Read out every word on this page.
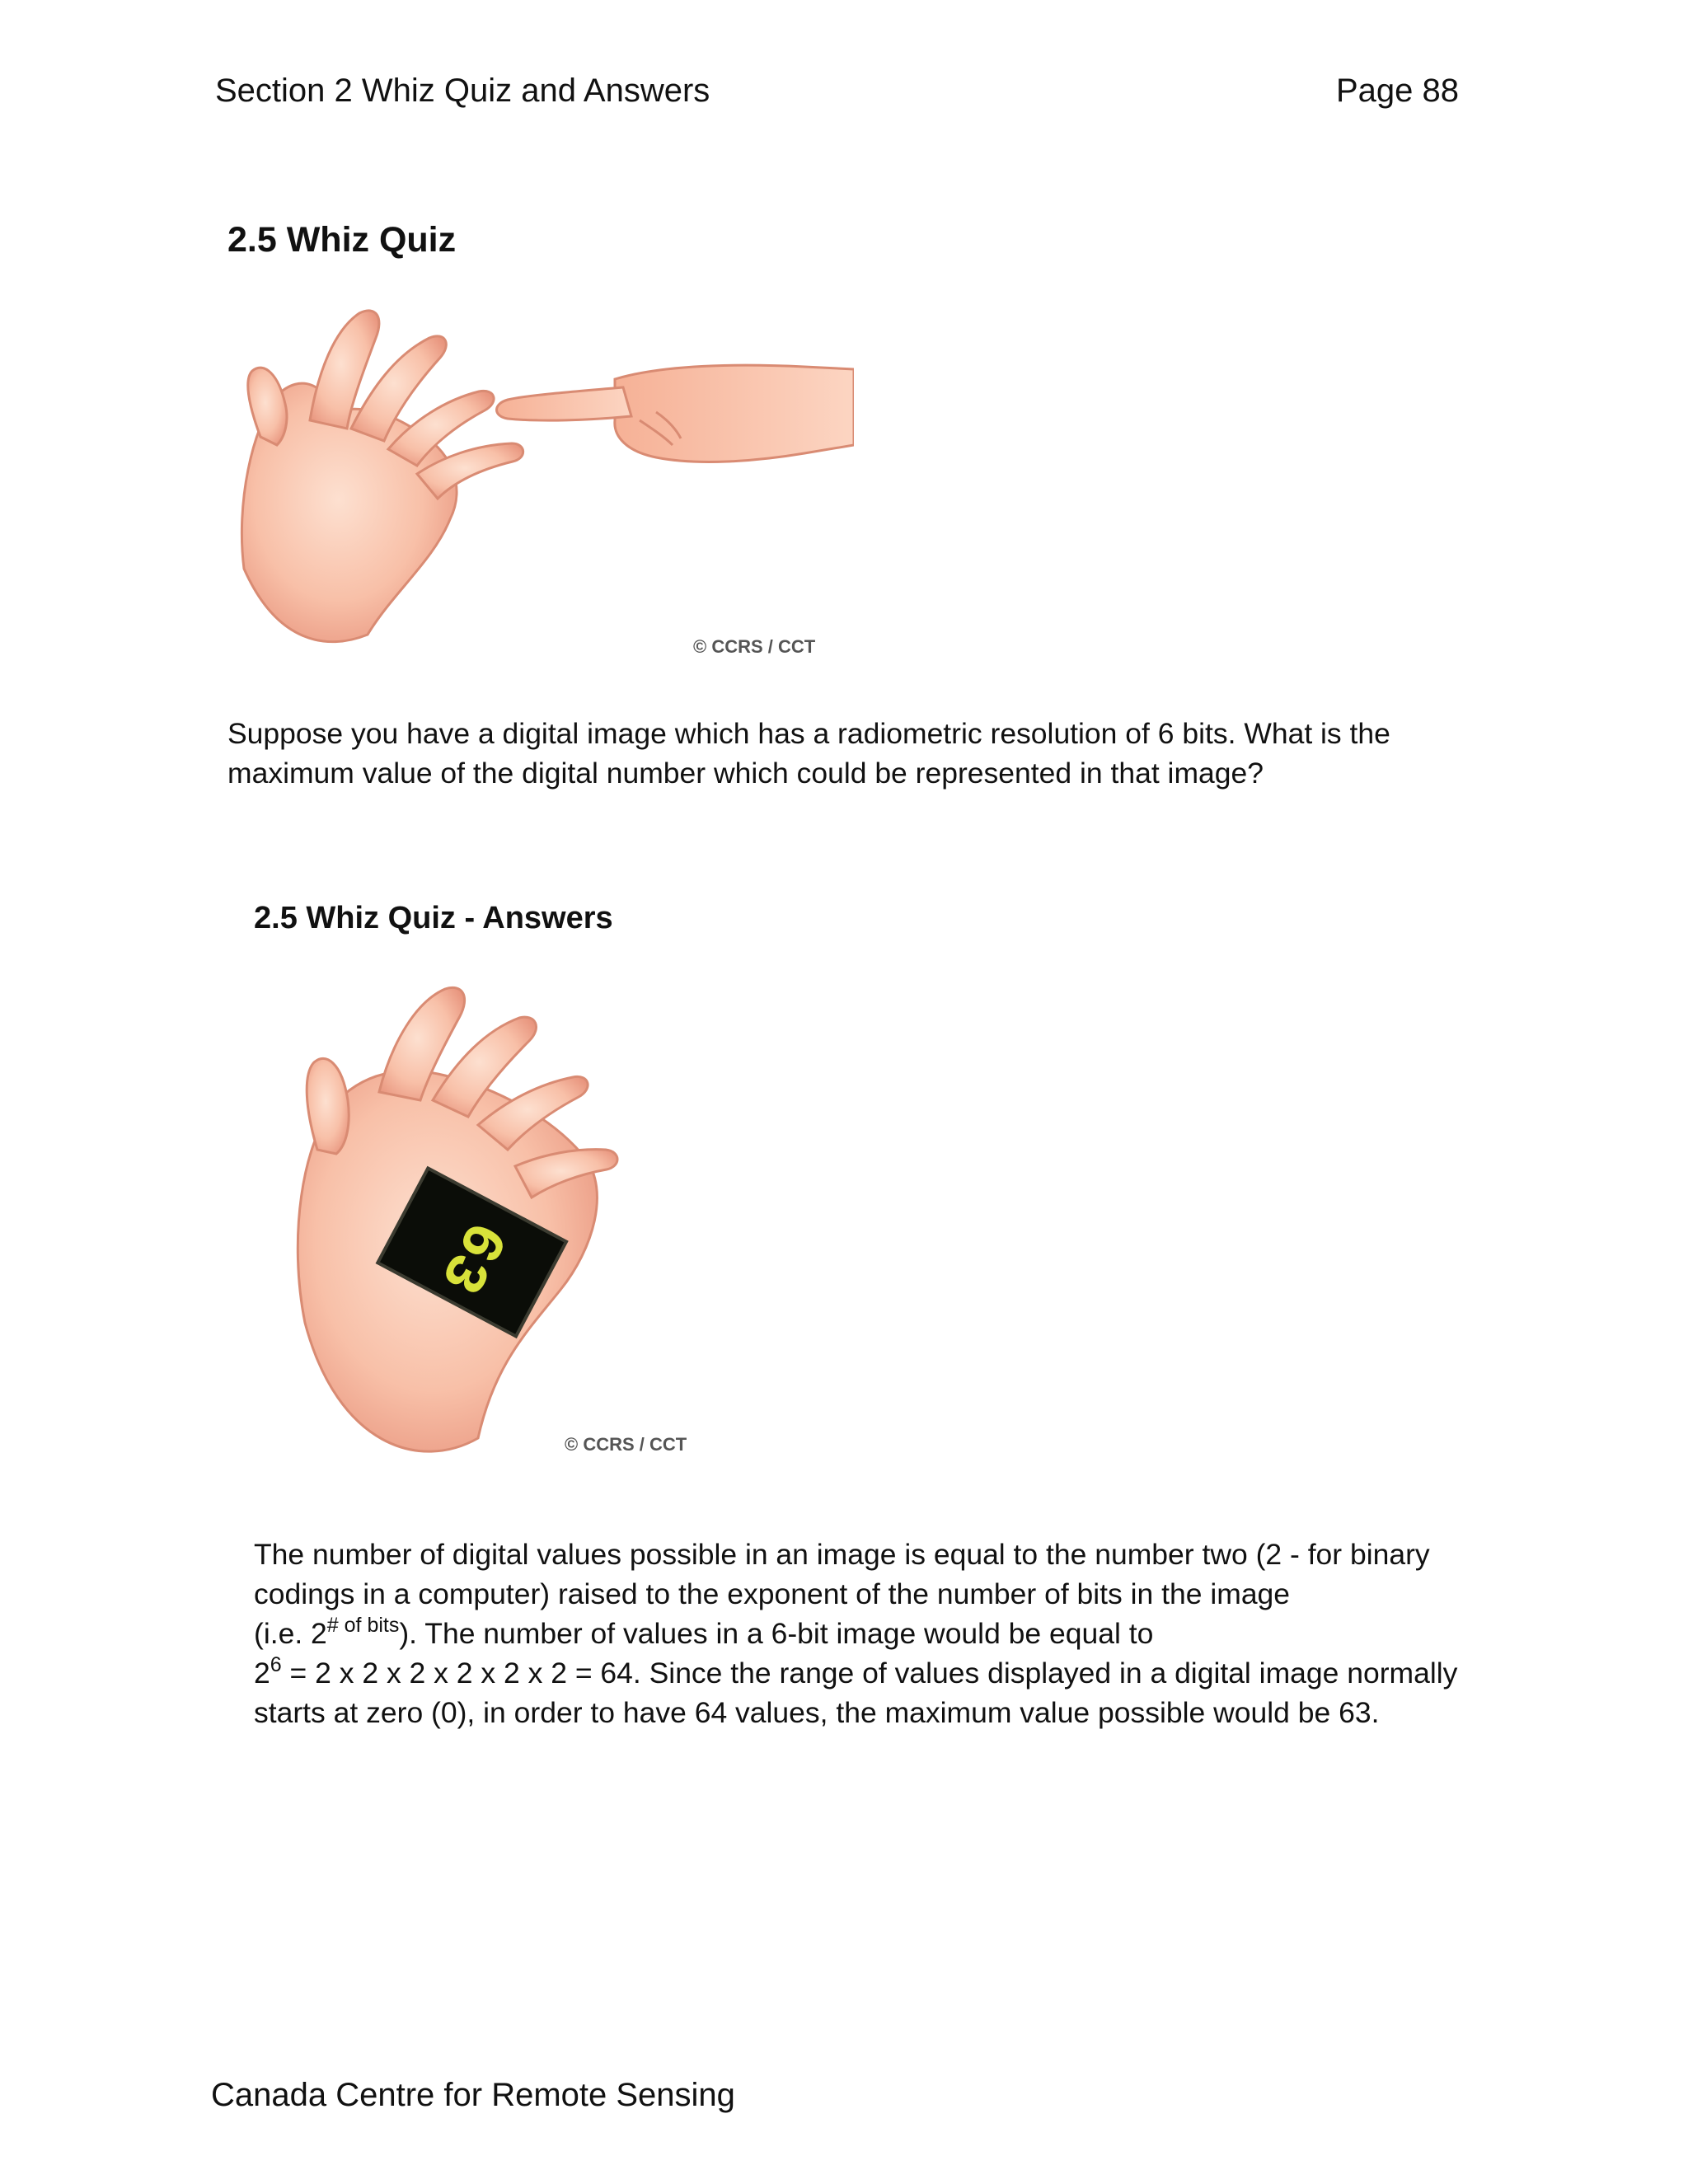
Section 2 Whiz Quiz and Answers	Page 88
2.5 Whiz Quiz
© CCRS / CCT

Suppose you have a digital image which has a radiometric resolution of 6 bits. What is the
maximum value of the digital number which could be represented in that image?

2.5 Whiz Quiz - Answers
63
© CCRS / CCT

The number of digital values possible in an image is equal to the number two (2 - for binary
codings in a computer) raised to the exponent of the number of bits in the image
(i.e. $2^{\# of bits}$). The number of values in a 6-bit image would be equal to
$2^6 = 2$ x 2 x 2 x 2 x 2 x 2 = 64. Since the range of values displayed in a digital image normally
starts at zero (0), in order to have 64 values, the maximum value possible would be 63.

Canada Centre for Remote Sensing
